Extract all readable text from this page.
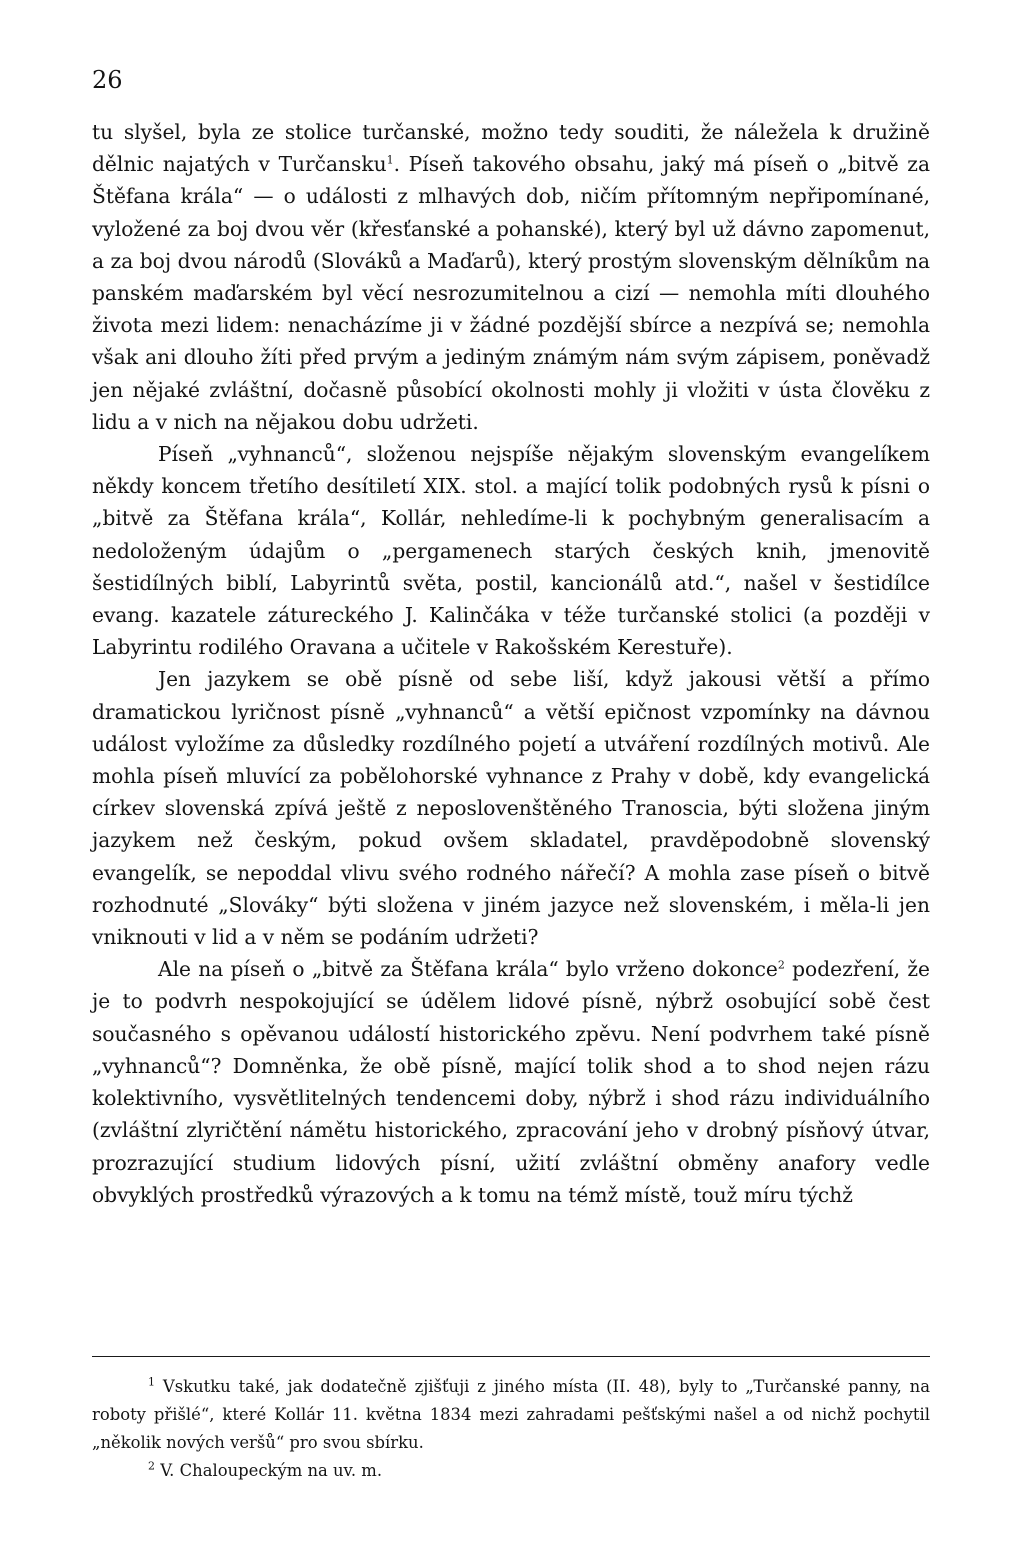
26

tu slyšel, byla ze stolice turčanské, možno tedy souditi, že náležela k družině dělnic najatých v Turčansku$^1$. Píseň takového obsahu, jaký má píseň o „bitvě za Štěfana krála“ — o události z mlhavých dob, ničím přítomným nepřipomínané, vyložené za boj dvou věr (křesťanské a pohanské), který byl už dávno zapomenut, a za boj dvou národů (Slováků a Maďarů), který prostým slovenským dělníkům na panském maďarském byl věcí nesrozumitelnou a cizí — nemohla míti dlouhého života mezi lidem: nenacházíme ji v žádné pozdější sbírce a nezpívá se; nemohla však ani dlouho žíti před prvým a jediným známým nám svým zápisem, poněvadž jen nějaké zvláštní, dočasně působící okolnosti mohly ji vložiti v ústa člověku z lidu a v nich na nějakou dobu udržeti.

Píseň „vyhnanců“, složenou nejspíše nějakým slovenským evangelíkem někdy koncem třetího desítiletí XIX. stol. a mající tolik podobných rysů k písni o „bitvě za Štěfana krála“, Kollár, nehledíme-li k pochybným generalisacím a nedoloženým údajům o „pergamenech starých českých knih, jmenovitě šestidílných biblí, Labyrintů světa, postil, kancionálů atd.“, našel v šestidílce evang. kazatele zátureckého J. Kalinčáka v téže turčanské stolici (a později v Labyrintu rodilého Oravana a učitele v Rakošském Kerestuře).

Jen jazykem se obě písně od sebe liší, když jakousi větší a přímo dramatickou lyričnost písně „vyhnanců“ a větší epičnost vzpomínky na dávnou událost vyložíme za důsledky rozdílného pojetí a utváření rozdílných motivů. Ale mohla píseň mluvící za pobělohorské vyhnance z Prahy v době, kdy evangelická církev slovenská zpívá ještě z neposlovenštěného Tranoscia, býti složena jiným jazykem než českým, pokud ovšem skladatel, pravděpodobně slovenský evangelík, se nepoddal vlivu svého rodného nářečí? A mohla zase píseň o bitvě rozhodnuté „Slováky“ býti složena v jiném jazyce než slovenském, i měla-li jen vniknouti v lid a v něm se podáním udržeti?

Ale na píseň o „bitvě za Štěfana krála“ bylo vrženo dokonce$^2$ podezření, že je to podvrh nespokojující se údělem lidové písně, nýbrž osobující sobě čest současného s opěvanou událostí historického zpěvu. Není podvrhem také písně „vyhnanců“? Domněnka, že obě písně, mající tolik shod a to shod nejen rázu kolektivního, vysvětlitelných tendencemi doby, nýbrž i shod rázu individuálního (zvláštní zlyričtění námětu historického, zpracování jeho v drobný písňový útvar, prozrazující studium lidových písní, užití zvláštní obměny anafory vedle obvyklých prostředků výrazových a k tomu na témž místě, touž míru týchž

$^1$ Vskutku také, jak dodatečně zjišťuji z jiného místa (II. 48), byly to „Turčanské panny, na roboty přišlé“, které Kollár 11. května 1834 mezi zahradami pešťskými našel a od nichž pochytil „několik nových veršů“ pro svou sbírku.

$^2$ V. Chaloupeckým na uv. m.
